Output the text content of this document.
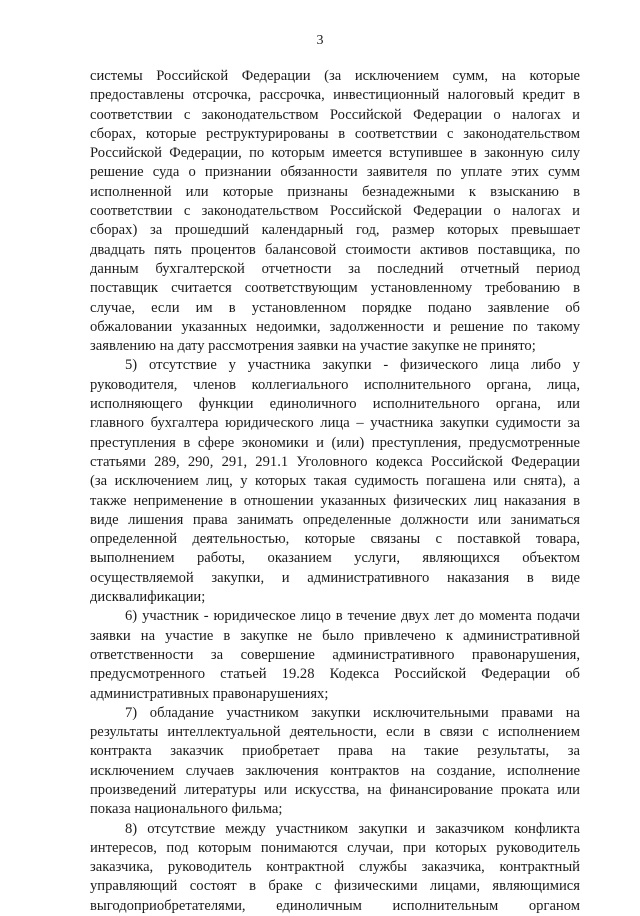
3
системы Российской Федерации (за исключением сумм, на которые
предоставлены отсрочка, рассрочка, инвестиционный налоговый кредит в
соответствии с законодательством Российской Федерации о налогах и
сборах, которые реструктурированы в соответствии с законодательством
Российской Федерации, по которым имеется вступившее в законную силу
решение суда о признании обязанности заявителя по уплате этих сумм
исполненной или которые признаны безнадежными к взысканию в
соответствии с законодательством Российской Федерации о налогах и
сборах) за прошедший календарный год, размер которых превышает
двадцать пять процентов балансовой стоимости активов поставщика, по
данным бухгалтерской отчетности за последний отчетный период
поставщик считается соответствующим установленному требованию в
случае, если им в установленном порядке подано заявление об
обжаловании указанных недоимки, задолженности и решение по такому
заявлению на дату рассмотрения заявки на участие закупке не принято;
5) отсутствие у участника закупки - физического лица либо у
руководителя, членов коллегиального исполнительного органа, лица,
исполняющего функции единоличного исполнительного органа, или
главного бухгалтера юридического лица – участника закупки судимости за
преступления в сфере экономики и (или) преступления, предусмотренные
статьями 289, 290, 291, 291.1 Уголовного кодекса Российской Федерации
(за исключением лиц, у которых такая судимость погашена или снята), а
также неприменение в отношении указанных физических лиц наказания в
виде лишения права занимать определенные должности или заниматься
определенной деятельностью, которые связаны с поставкой товара,
выполнением работы, оказанием услуги, являющихся объектом
осуществляемой закупки, и административного наказания в виде
дисквалификации;
6) участник - юридическое лицо в течение двух лет до момента подачи
заявки на участие в закупке не было привлечено к административной
ответственности за совершение административного правонарушения,
предусмотренного статьей 19.28 Кодекса Российской Федерации об
административных правонарушениях;
7) обладание участником закупки исключительными правами на
результаты интеллектуальной деятельности, если в связи с исполнением
контракта заказчик приобретает права на такие результаты, за
исключением случаев заключения контрактов на создание, исполнение
произведений литературы или искусства, на финансирование проката или
показа национального фильма;
8) отсутствие между участником закупки и заказчиком конфликта
интересов, под которым понимаются случаи, при которых руководитель
заказчика, руководитель контрактной службы заказчика, контрактный
управляющий состоят в браке с физическими лицами, являющимися
выгодоприобретателями, единоличным исполнительным органом
